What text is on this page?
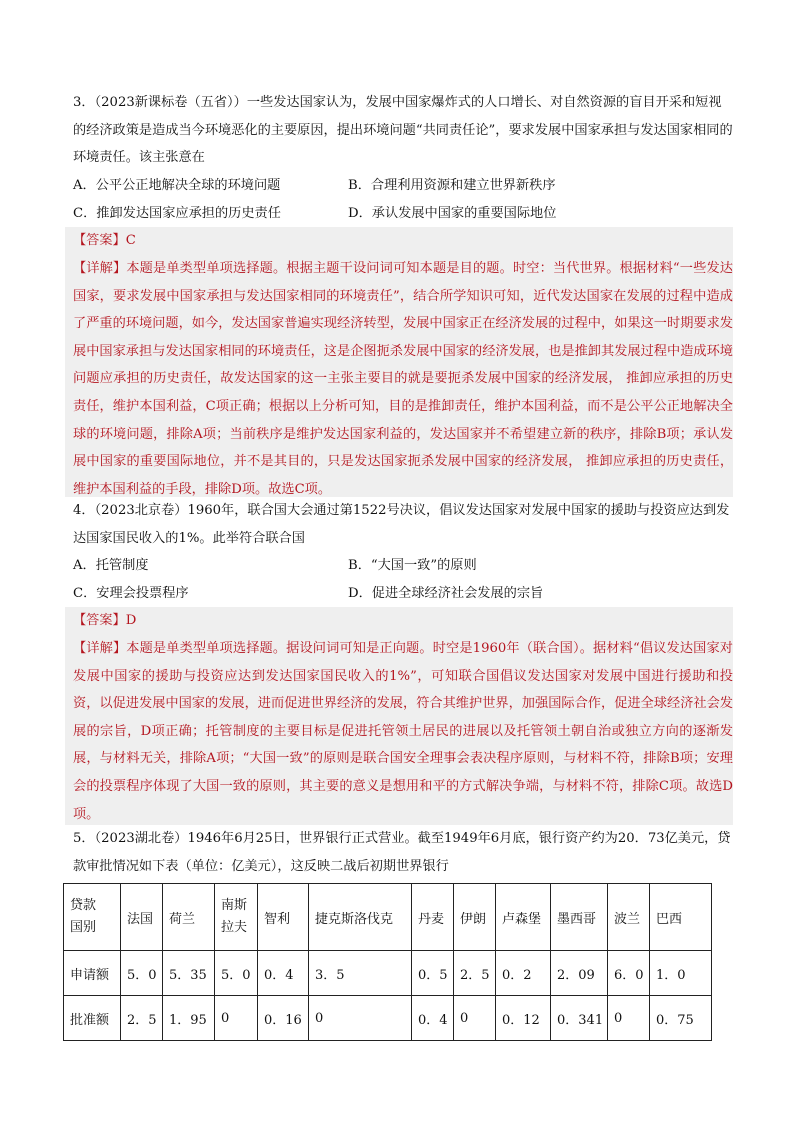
3．（2023新课标卷（五省））一些发达国家认为，发展中国家爆炸式的人口增长、对自然资源的盲目开采和短视的经济政策是造成当今环境恶化的主要原因，提出环境问题“共同责任论”，要求发展中国家承担与发达国家相同的环境责任。该主张意在

A．公平公正地解决全球的环境问题	B．合理利用资源和建立世界新秩序
C．推卸发达国家应承担的历史责任	D．承认发展中国家的重要国际地位
【答案】C

【详解】本题是单类型单项选择题。根据主题干设问词可知本题是目的题。时空：当代世界。根据材料“一些发达国家，要求发展中国家承担与发达国家相同的环境责任”，结合所学知识可知，近代发达国家在发展的过程中造成了严重的环境问题，如今，发达国家普遍实现经济转型，发展中国家正在经济发展的过程中，如果这一时期要求发展中国家承担与发达国家相同的环境责任，这是企图扼杀发展中国家的经济发展，也是推卸其发展过程中造成环境问题应承担的历史责任，故发达国家的这一主张主要目的就是要扼杀发展中国家的经济发展， 推卸应承担的历史责任，维护本国利益，C项正确；根据以上分析可知，目的是推卸责任，维护本国利益，而不是公平公正地解决全球的环境问题，排除A项；当前秩序是维护发达国家利益的，发达国家并不希望建立新的秩序，排除B项；承认发展中国家的重要国际地位，并不是其目的，只是发达国家扼杀发展中国家的经济发展， 推卸应承担的历史责任，维护本国利益的手段，排除D项。故选C项。

4．（2023北京卷）1960年，联合国大会通过第1522号决议，倡议发达国家对发展中国家的援助与投资应达到发达国家国民收入的1%。此举符合联合国

A．托管制度	B．“大国一致”的原则
C．安理会投票程序	D．促进全球经济社会发展的宗旨
【答案】D

【详解】本题是单类型单项选择题。据设问词可知是正向题。时空是1960年（联合国）。据材料“倡议发达国家对发展中国家的援助与投资应达到发达国家国民收入的1%”，可知联合国倡议发达国家对发展中国进行援助和投资，以促进发展中国家的发展，进而促进世界经济的发展，符合其维护世界，加强国际合作，促进全球经济社会发展的宗旨，D项正确；托管制度的主要目标是促进托管领土居民的进展以及托管领土朝自治或独立方向的逐渐发展，与材料无关，排除A项；“大国一致”的原则是联合国安全理事会表决程序原则，与材料不符，排除B项；安理会的投票程序体现了大国一致的原则，其主要的意义是想用和平的方式解决争端，与材料不符，排除C项。故选D项。

5．（2023湖北卷）1946年6月25日，世界银行正式营业。截至1949年6月底，银行资产约为20．73亿美元，贷款审批情况如下表（单位：亿美元），这反映二战后初期世界银行

贷款
国别	法国	荷兰	南斯拉夫	智利	捷克斯洛伐克	丹麦	伊朗	卢森堡	墨西哥	波兰	巴西
申请额	5．0	5．35	5．0	0．4	3．5	0．5	2．5	0．2	2．09	6．0	1．0
批准额	2．5	1．95	0	0．16	0	0．4	0	0．12	0．341	0	0．75
